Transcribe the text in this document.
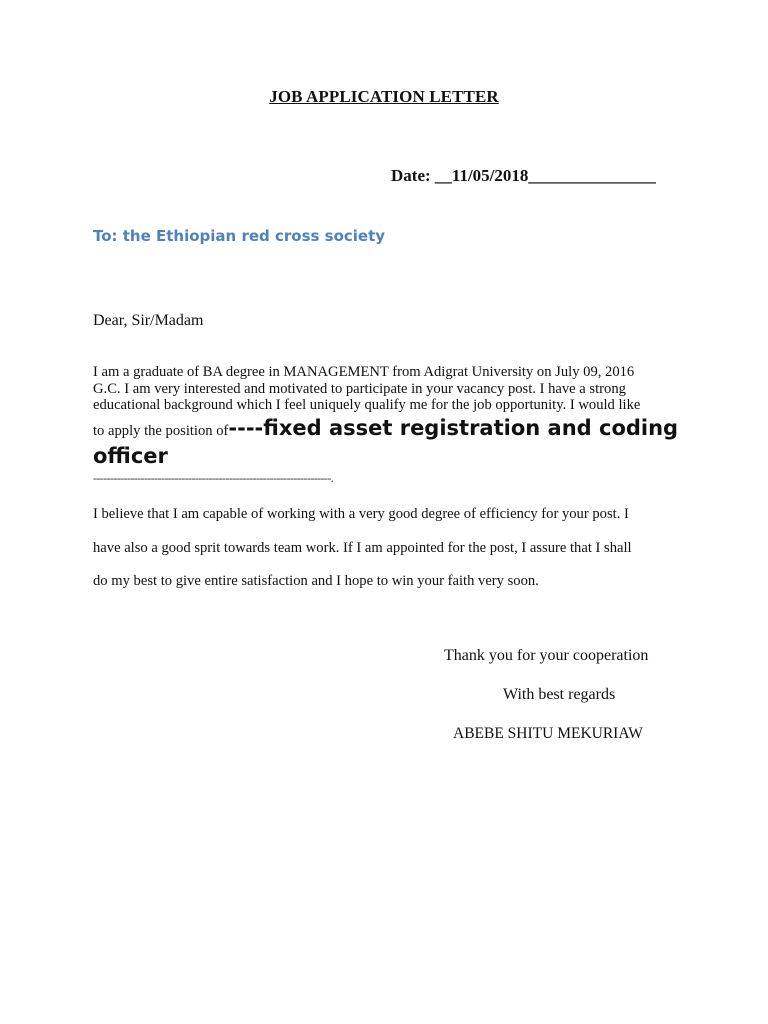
JOB APPLICATION LETTER
Date: __11/05/2018_______________
To: the Ethiopian red cross society
Dear, Sir/Madam
I am a graduate of BA degree in MANAGEMENT from Adigrat University on July 09, 2016
G.C. I am very interested and motivated to participate in your vacancy post. I have a strong
educational background which I feel uniquely qualify me for the job opportunity. I would like
to apply the position of----fixed asset registration and coding
officer
----------------------------------------------------------------------.
I believe that I am capable of working with a very good degree of efficiency for your post. I
have also a good sprit towards team work. If I am appointed for the post, I assure that I shall
do my best to give entire satisfaction and I hope to win your faith very soon.
Thank you for your cooperation
With best regards
ABEBE SHITU MEKURIAW
